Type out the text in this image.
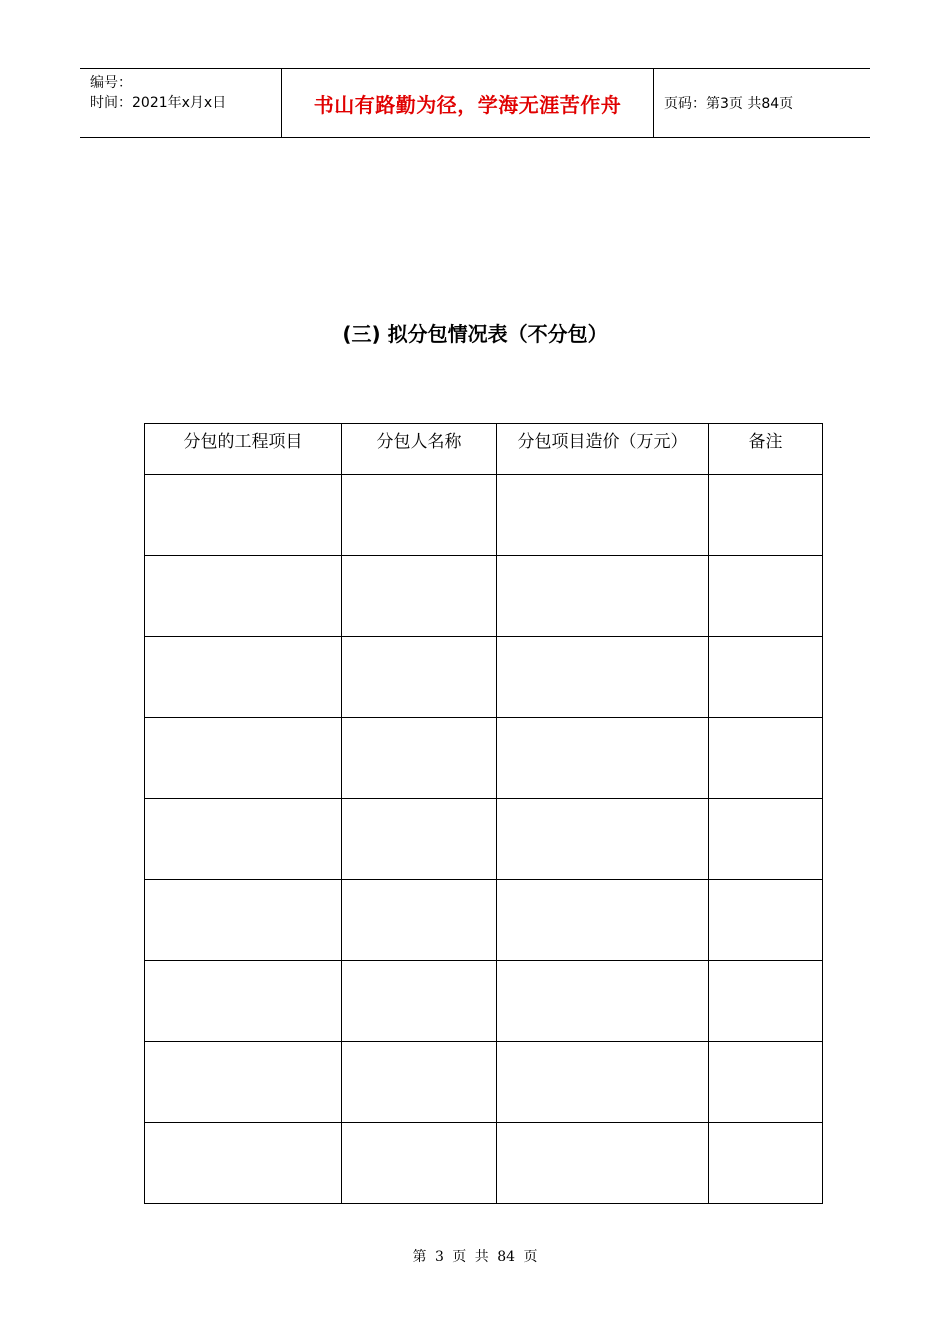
编号：
时间：2021年x月x日	书山有路勤为径，学海无涯苦作舟	页码：第3页 共84页
(三) 拟分包情况表（不分包）
分包的工程项目	分包人名称	分包项目造价（万元）	备注

第 3 页 共 84 页
